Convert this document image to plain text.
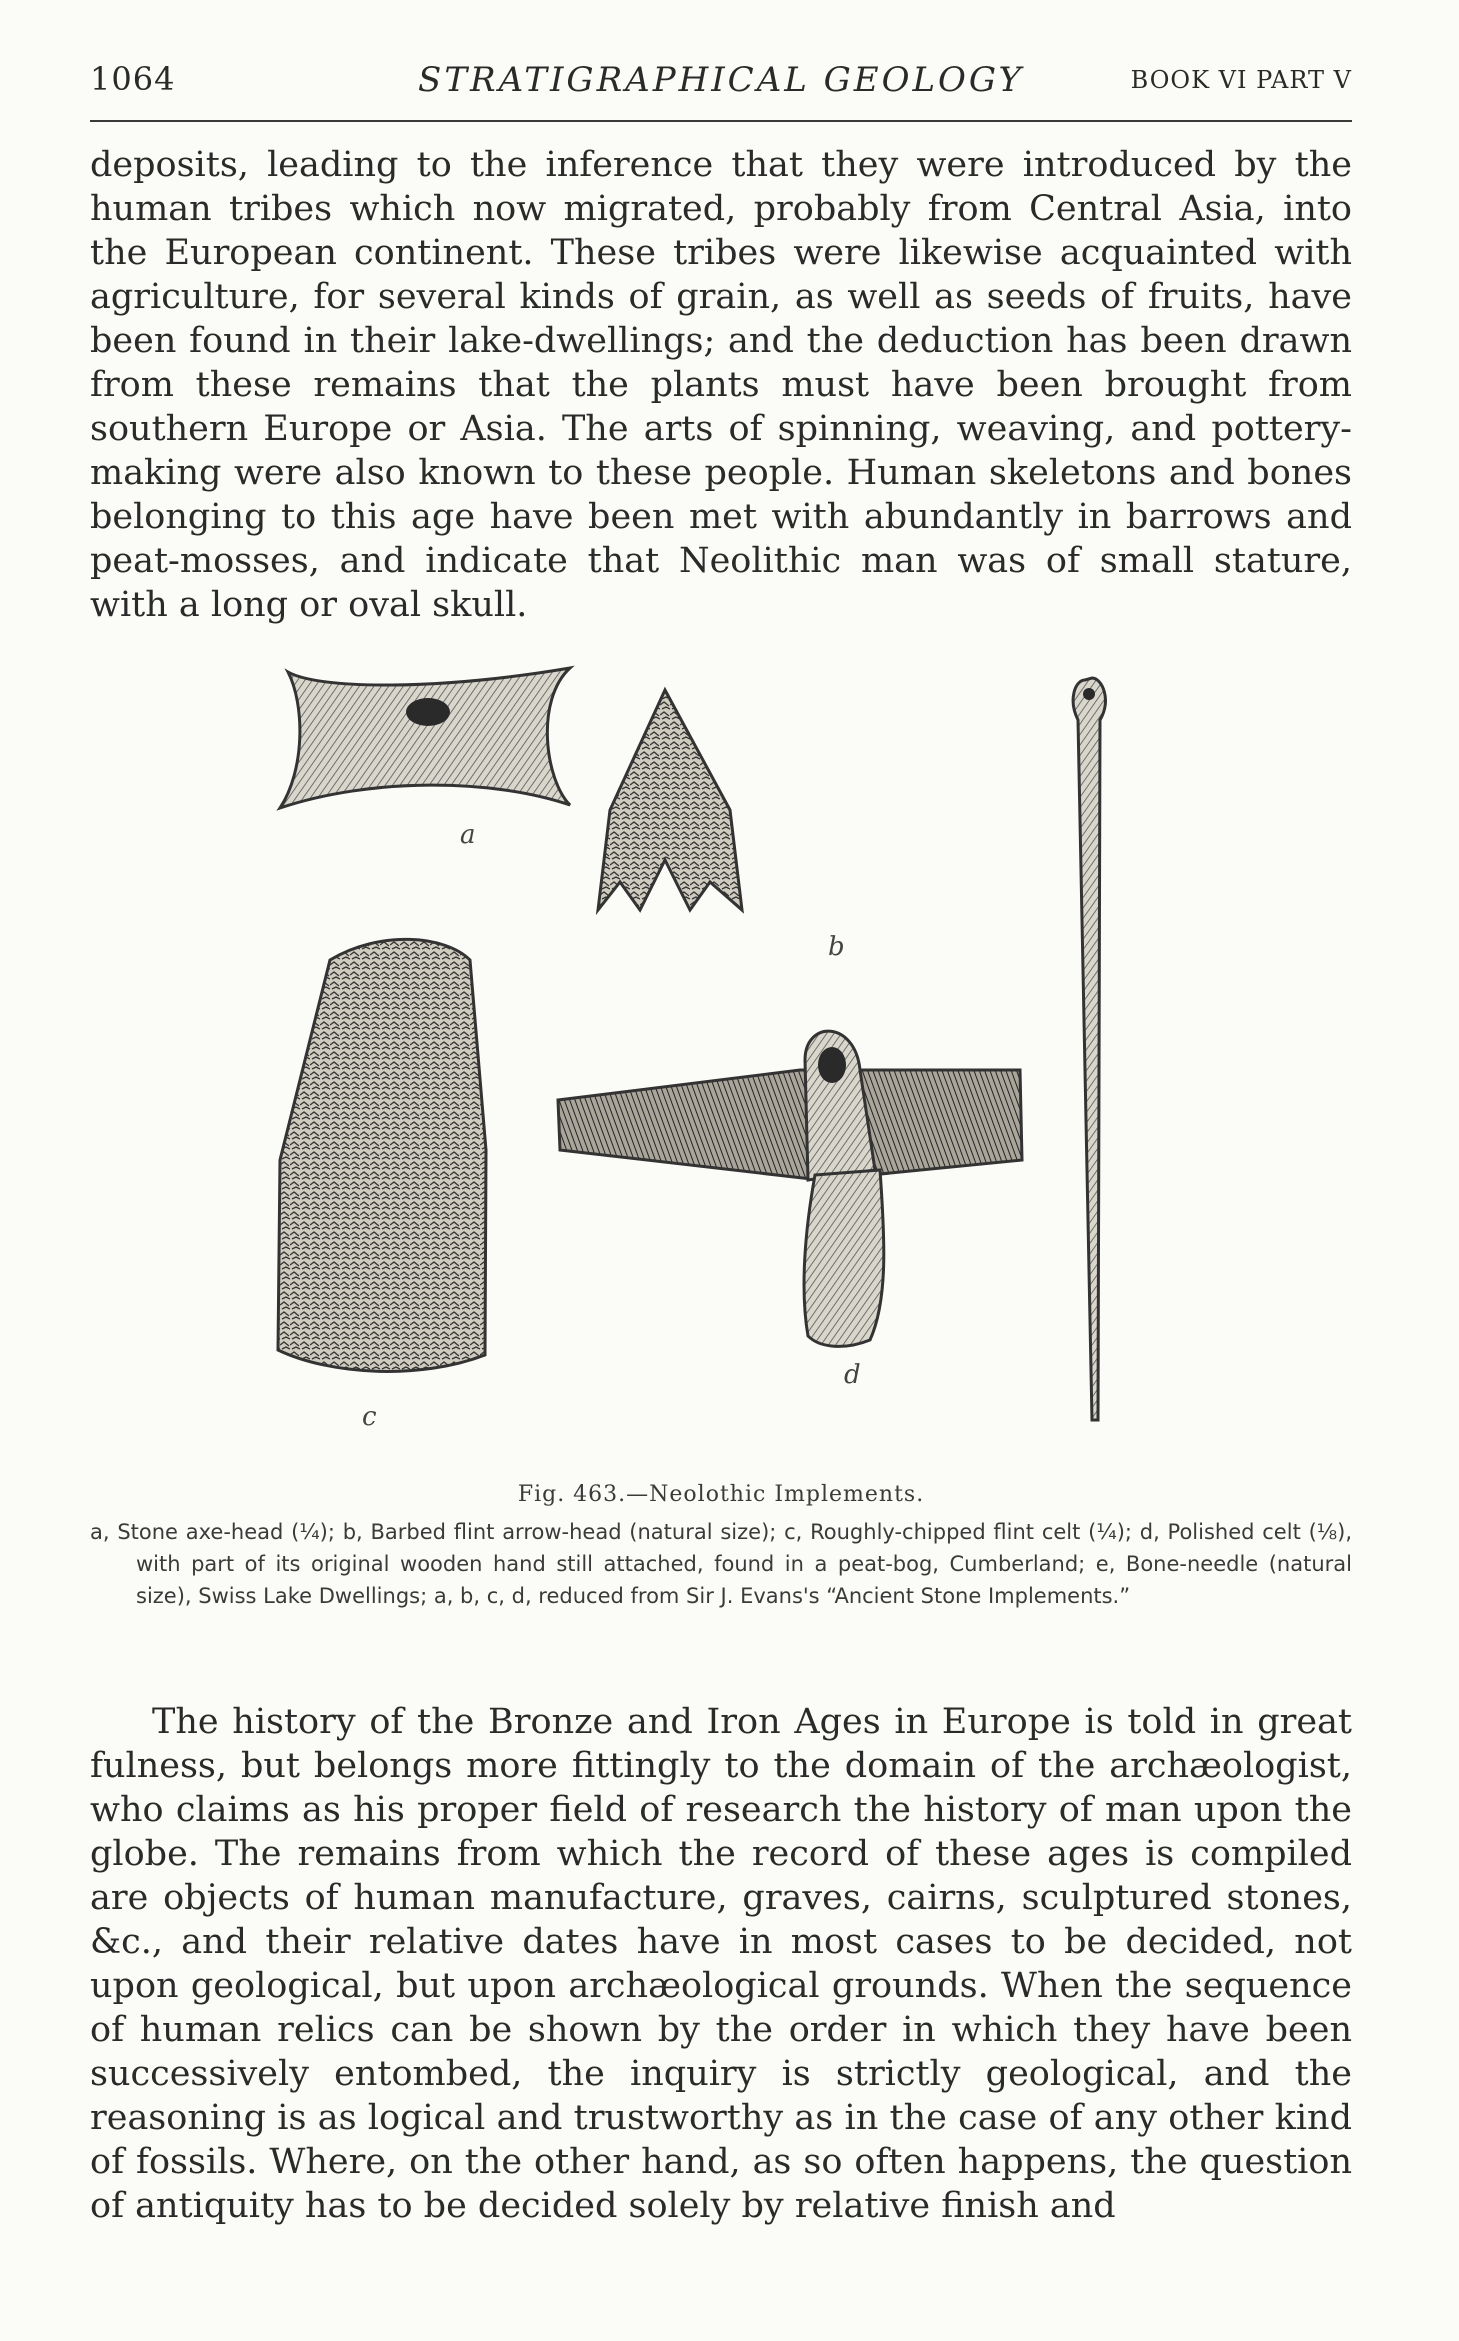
1064	STRATIGRAPHICAL GEOLOGY	BOOK VI PART V

deposits, leading to the inference that they were introduced by the human tribes which now migrated, probably from Central Asia, into the European continent. These tribes were likewise acquainted with agriculture, for several kinds of grain, as well as seeds of fruits, have been found in their lake-dwellings; and the deduction has been drawn from these remains that the plants must have been brought from southern Europe or Asia. The arts of spinning, weaving, and pottery-making were also known to these people. Human skeletons and bones belonging to this age have been met with abundantly in barrows and peat-mosses, and indicate that Neolithic man was of small stature, with a long or oval skull.

a
b
c
d
Fig. 463.—Neolothic Implements.

a, Stone axe-head (¼); b, Barbed flint arrow-head (natural size); c, Roughly-chipped flint celt (¼); d, Polished celt (⅛), with part of its original wooden hand still attached, found in a peat-bog, Cumberland; e, Bone-needle (natural size), Swiss Lake Dwellings; a, b, c, d, reduced from Sir J. Evans's “Ancient Stone Implements.”

The history of the Bronze and Iron Ages in Europe is told in great fulness, but belongs more fittingly to the domain of the archæologist, who claims as his proper field of research the history of man upon the globe. The remains from which the record of these ages is compiled are objects of human manufacture, graves, cairns, sculptured stones, &c., and their relative dates have in most cases to be decided, not upon geological, but upon archæological grounds. When the sequence of human relics can be shown by the order in which they have been successively entombed, the inquiry is strictly geological, and the reasoning is as logical and trustworthy as in the case of any other kind of fossils. Where, on the other hand, as so often happens, the question of antiquity has to be decided solely by relative finish and
